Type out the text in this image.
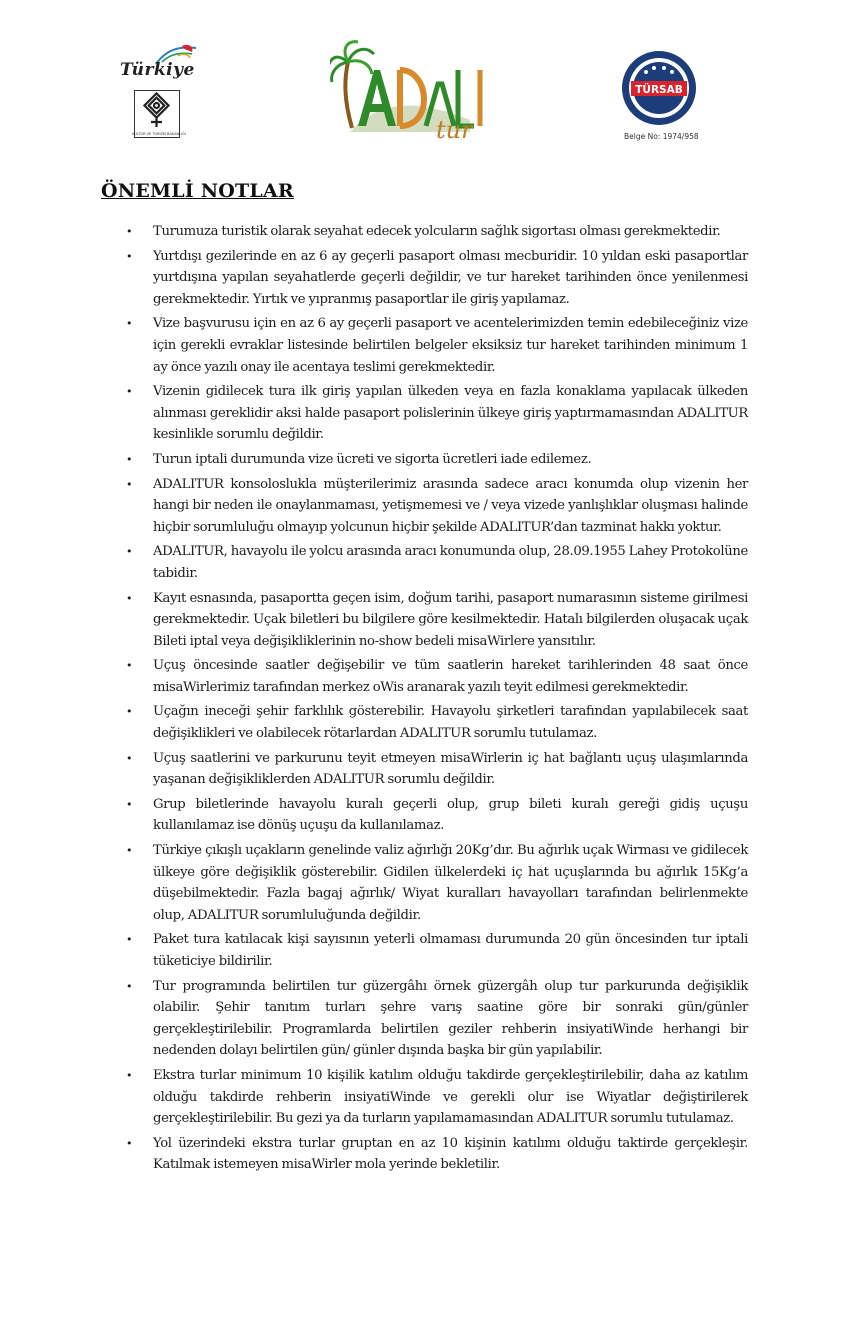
Türkiye
KÜLTÜR VE TURİZM BAKANLIĞI
ADALI
tur
TÜRSAB
Belge No: 1974/958
ÖNEMLİ NOTLAR
• Turumuza turistik olarak seyahat edecek yolcuların sağlık sigortası olması gerekmektedir.
• Yurtdışı gezilerinde en az 6 ay geçerli pasaport olması mecburidir. 10 yıldan eski pasaportlar yurtdışına yapılan seyahatlerde geçerli değildir, ve tur hareket tarihinden önce yenilenmesi gerekmektedir. Yırtık ve yıpranmış pasaportlar ile giriş yapılamaz.
• Vize başvurusu için en az 6 ay geçerli pasaport ve acentelerimizden temin edebileceğiniz vize için gerekli evraklar listesinde belirtilen belgeler eksiksiz tur hareket tarihinden minimum 1 ay önce yazılı onay ile acentaya teslimi gerekmektedir.
• Vizenin gidilecek tura ilk giriş yapılan ülkeden veya en fazla konaklama yapılacak ülkeden alınması gereklidir aksi halde pasaport polislerinin ülkeye giriş yaptırmamasından ADALITUR kesinlikle sorumlu değildir.
• Turun iptali durumunda vize ücreti ve sigorta ücretleri iade edilemez.
• ADALITUR konsoloslukla müşterilerimiz arasında sadece aracı konumda olup vizenin her hangi bir neden ile onaylanmaması, yetişmemesi ve / veya vizede yanlışlıklar oluşması halinde hiçbir sorumluluğu olmayıp yolcunun hiçbir şekilde ADALITUR’dan tazminat hakkı yoktur.
• ADALITUR, havayolu ile yolcu arasında aracı konumunda olup, 28.09.1955 Lahey Protokolüne tabidir.
• Kayıt esnasında, pasaportta geçen isim, doğum tarihi, pasaport numarasının sisteme girilmesi gerekmektedir. Uçak biletleri bu bilgilere göre kesilmektedir. Hatalı bilgilerden oluşacak uçak Bileti iptal veya değişikliklerinin no-show bedeli misaWirlere yansıtılır.
• Uçuş öncesinde saatler değişebilir ve tüm saatlerin hareket tarihlerinden 48 saat önce misaWirlerimiz tarafından merkez oWis aranarak yazılı teyit edilmesi gerekmektedir.
• Uçağın ineceği şehir farklılık gösterebilir. Havayolu şirketleri tarafından yapılabilecek saat değişiklikleri ve olabilecek rötarlardan ADALITUR sorumlu tutulamaz.
• Uçuş saatlerini ve parkurunu teyit etmeyen misaWirlerin iç hat bağlantı uçuş ulaşımlarında yaşanan değişikliklerden ADALITUR sorumlu değildir.
• Grup biletlerinde havayolu kuralı geçerli olup, grup bileti kuralı gereği gidiş uçuşu kullanılamaz ise dönüş uçuşu da kullanılamaz.
• Türkiye çıkışlı uçakların genelinde valiz ağırlığı 20Kg’dır. Bu ağırlık uçak Wirması ve gidilecek ülkeye göre değişiklik gösterebilir. Gidilen ülkelerdeki iç hat uçuşlarında bu ağırlık 15Kg’a düşebilmektedir. Fazla bagaj ağırlık/ Wiyat kuralları havayolları tarafından belirlenmekte olup, ADALITUR sorumluluğunda değildir.
• Paket tura katılacak kişi sayısının yeterli olmaması durumunda 20 gün öncesinden tur iptali tüketiciye bildirilir.
• Tur programında belirtilen tur güzergâhı örnek güzergâh olup tur parkurunda değişiklik olabilir. Şehir tanıtım turları şehre varış saatine göre bir sonraki gün/günler gerçekleştirilebilir. Programlarda belirtilen geziler rehberin insiyatiWinde herhangi bir nedenden dolayı belirtilen gün/ günler dışında başka bir gün yapılabilir.
• Ekstra turlar minimum 10 kişilik katılım olduğu takdirde gerçekleştirilebilir, daha az katılım olduğu takdirde rehberin insiyatiWinde ve gerekli olur ise Wiyatlar değiştirilerek gerçekleştirilebilir. Bu gezi ya da turların yapılamamasından ADALITUR sorumlu tutulamaz.
• Yol üzerindeki ekstra turlar gruptan en az 10 kişinin katılımı olduğu taktirde gerçekleşir. Katılmak istemeyen misaWirler mola yerinde bekletilir.
